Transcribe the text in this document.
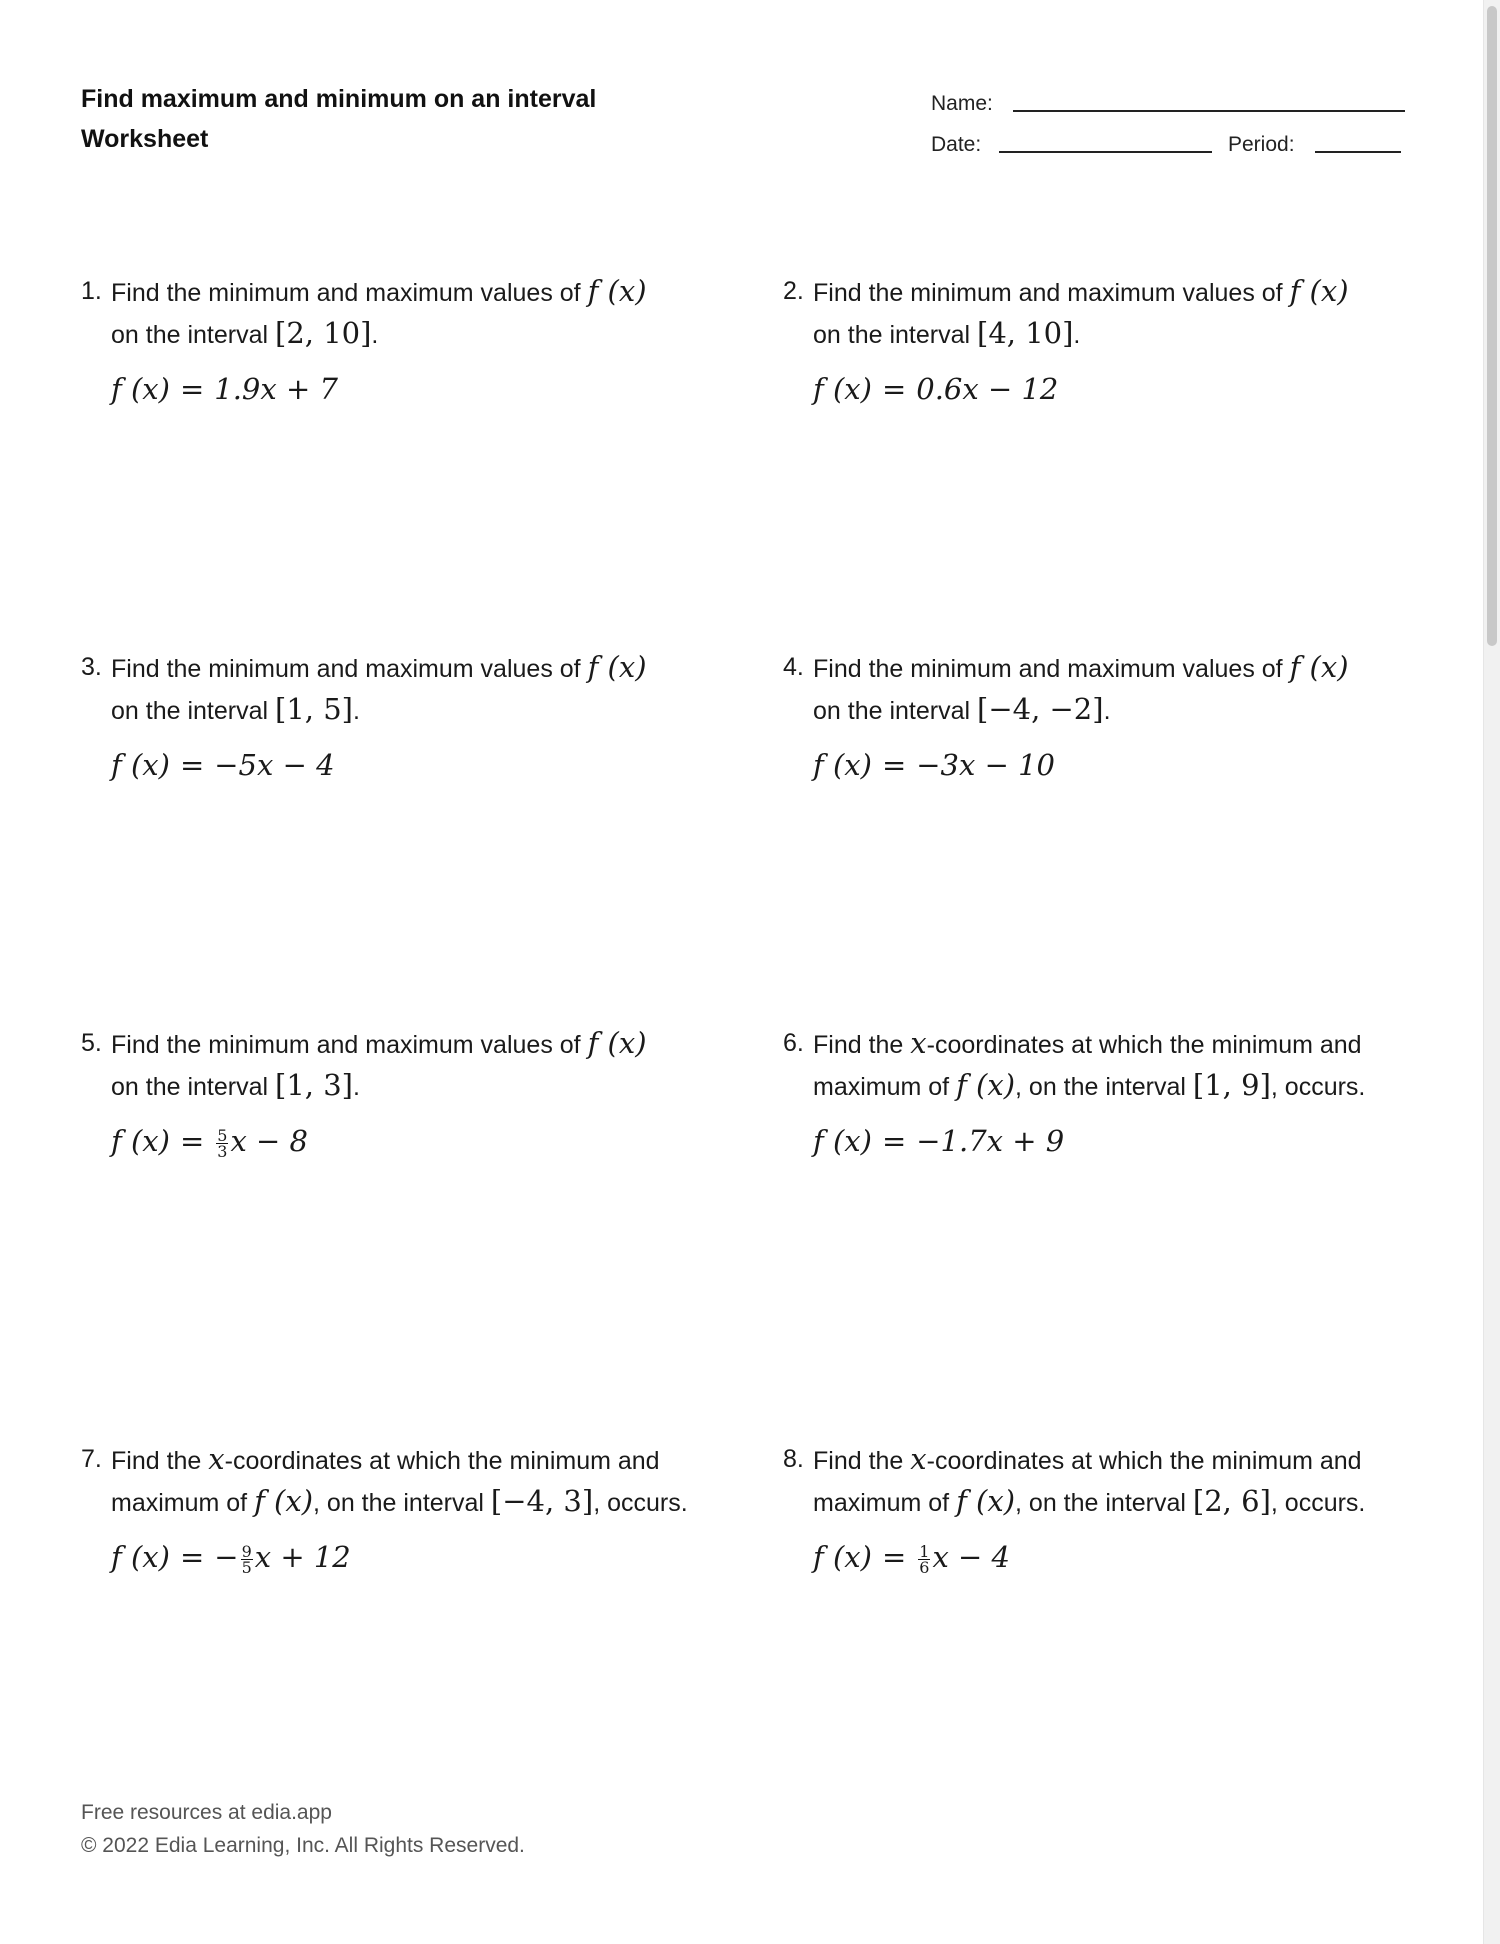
Find maximum and minimum on an interval
Worksheet
Name:
Date:	Period:
1. Find the minimum and maximum values of f (x)
on the interval [2, 10].
f (x) = 1.9x + 7
2. Find the minimum and maximum values of f (x)
on the interval [4, 10].
f (x) = 0.6x − 12
3. Find the minimum and maximum values of f (x)
on the interval [1, 5].
f (x) = −5x − 4
4. Find the minimum and maximum values of f (x)
on the interval [−4, −2].
f (x) = −3x − 10
5. Find the minimum and maximum values of f (x)
on the interval [1, 3].
f $(x) = \frac{5}{3}$ x − 8
6. Find the x-coordinates at which the minimum and maximum of f (x), on the interval [1, 9], occurs.
f (x) = −1.7x + 9
7. Find the x-coordinates at which the minimum and maximum of f (x), on the interval [−4, 3], occurs.
f (x) = − $\frac{9}{5}$ x + 12
8. Find the x-coordinates at which the minimum and maximum of f (x), on the interval [2, 6], occurs.
f $(x) = \frac{1}{6}$ x − 4
Free resources at edia.app
© 2022 Edia Learning, Inc. All Rights Reserved.
